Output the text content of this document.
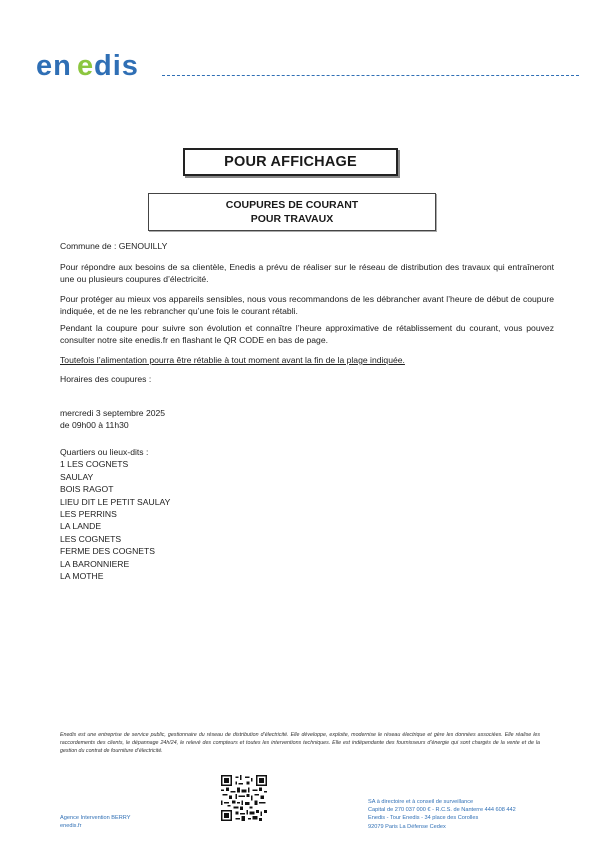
en e dis
POUR AFFICHAGE
COUPURES DE COURANT
POUR TRAVAUX
Commune de : GENOUILLY
Pour répondre aux besoins de sa clientèle, Enedis a prévu de réaliser sur le réseau de distribution des travaux qui entraîneront une ou plusieurs coupures d’électricité.
Pour protéger au mieux vos appareils sensibles, nous vous recommandons de les débrancher avant l’heure de début de coupure indiquée, et de ne les rebrancher qu’une fois le courant rétabli.
Pendant la coupure pour suivre son évolution et connaître l’heure approximative de rétablissement du courant, vous pouvez consulter notre site enedis.fr en flashant le QR CODE en bas de page.
Toutefois l’alimentation pourra être rétablie à tout moment avant la fin de la plage indiquée.
Horaires des coupures :
mercredi 3 septembre 2025
de 09h00 à 11h30
Quartiers ou lieux-dits :
1 LES COGNETS
SAULAY
BOIS RAGOT
LIEU DIT LE PETIT SAULAY
LES PERRINS
LA LANDE
LES COGNETS
FERME DES COGNETS
LA BARONNIERE
LA MOTHE
Enedis est une entreprise de service public, gestionnaire du réseau de distribution d’électricité. Elle développe, exploite, modernise le réseau électrique et gère les données associées. Elle réalise les raccordements des clients, le dépannage 24h/24, le relevé des compteurs et toutes les interventions techniques. Elle est indépendante des fournisseurs d’énergie qui sont chargés de la vente et de la gestion du contrat de fourniture d’électricité.
Agence Intervention BERRY
enedis.fr
SA à directoire et à conseil de surveillance
Capital de 270 037 000 € - R.C.S. de Nanterre 444 608 442
Enedis - Tour Enedis - 34 place des Corolles
92079 Paris La Défense Cedex
